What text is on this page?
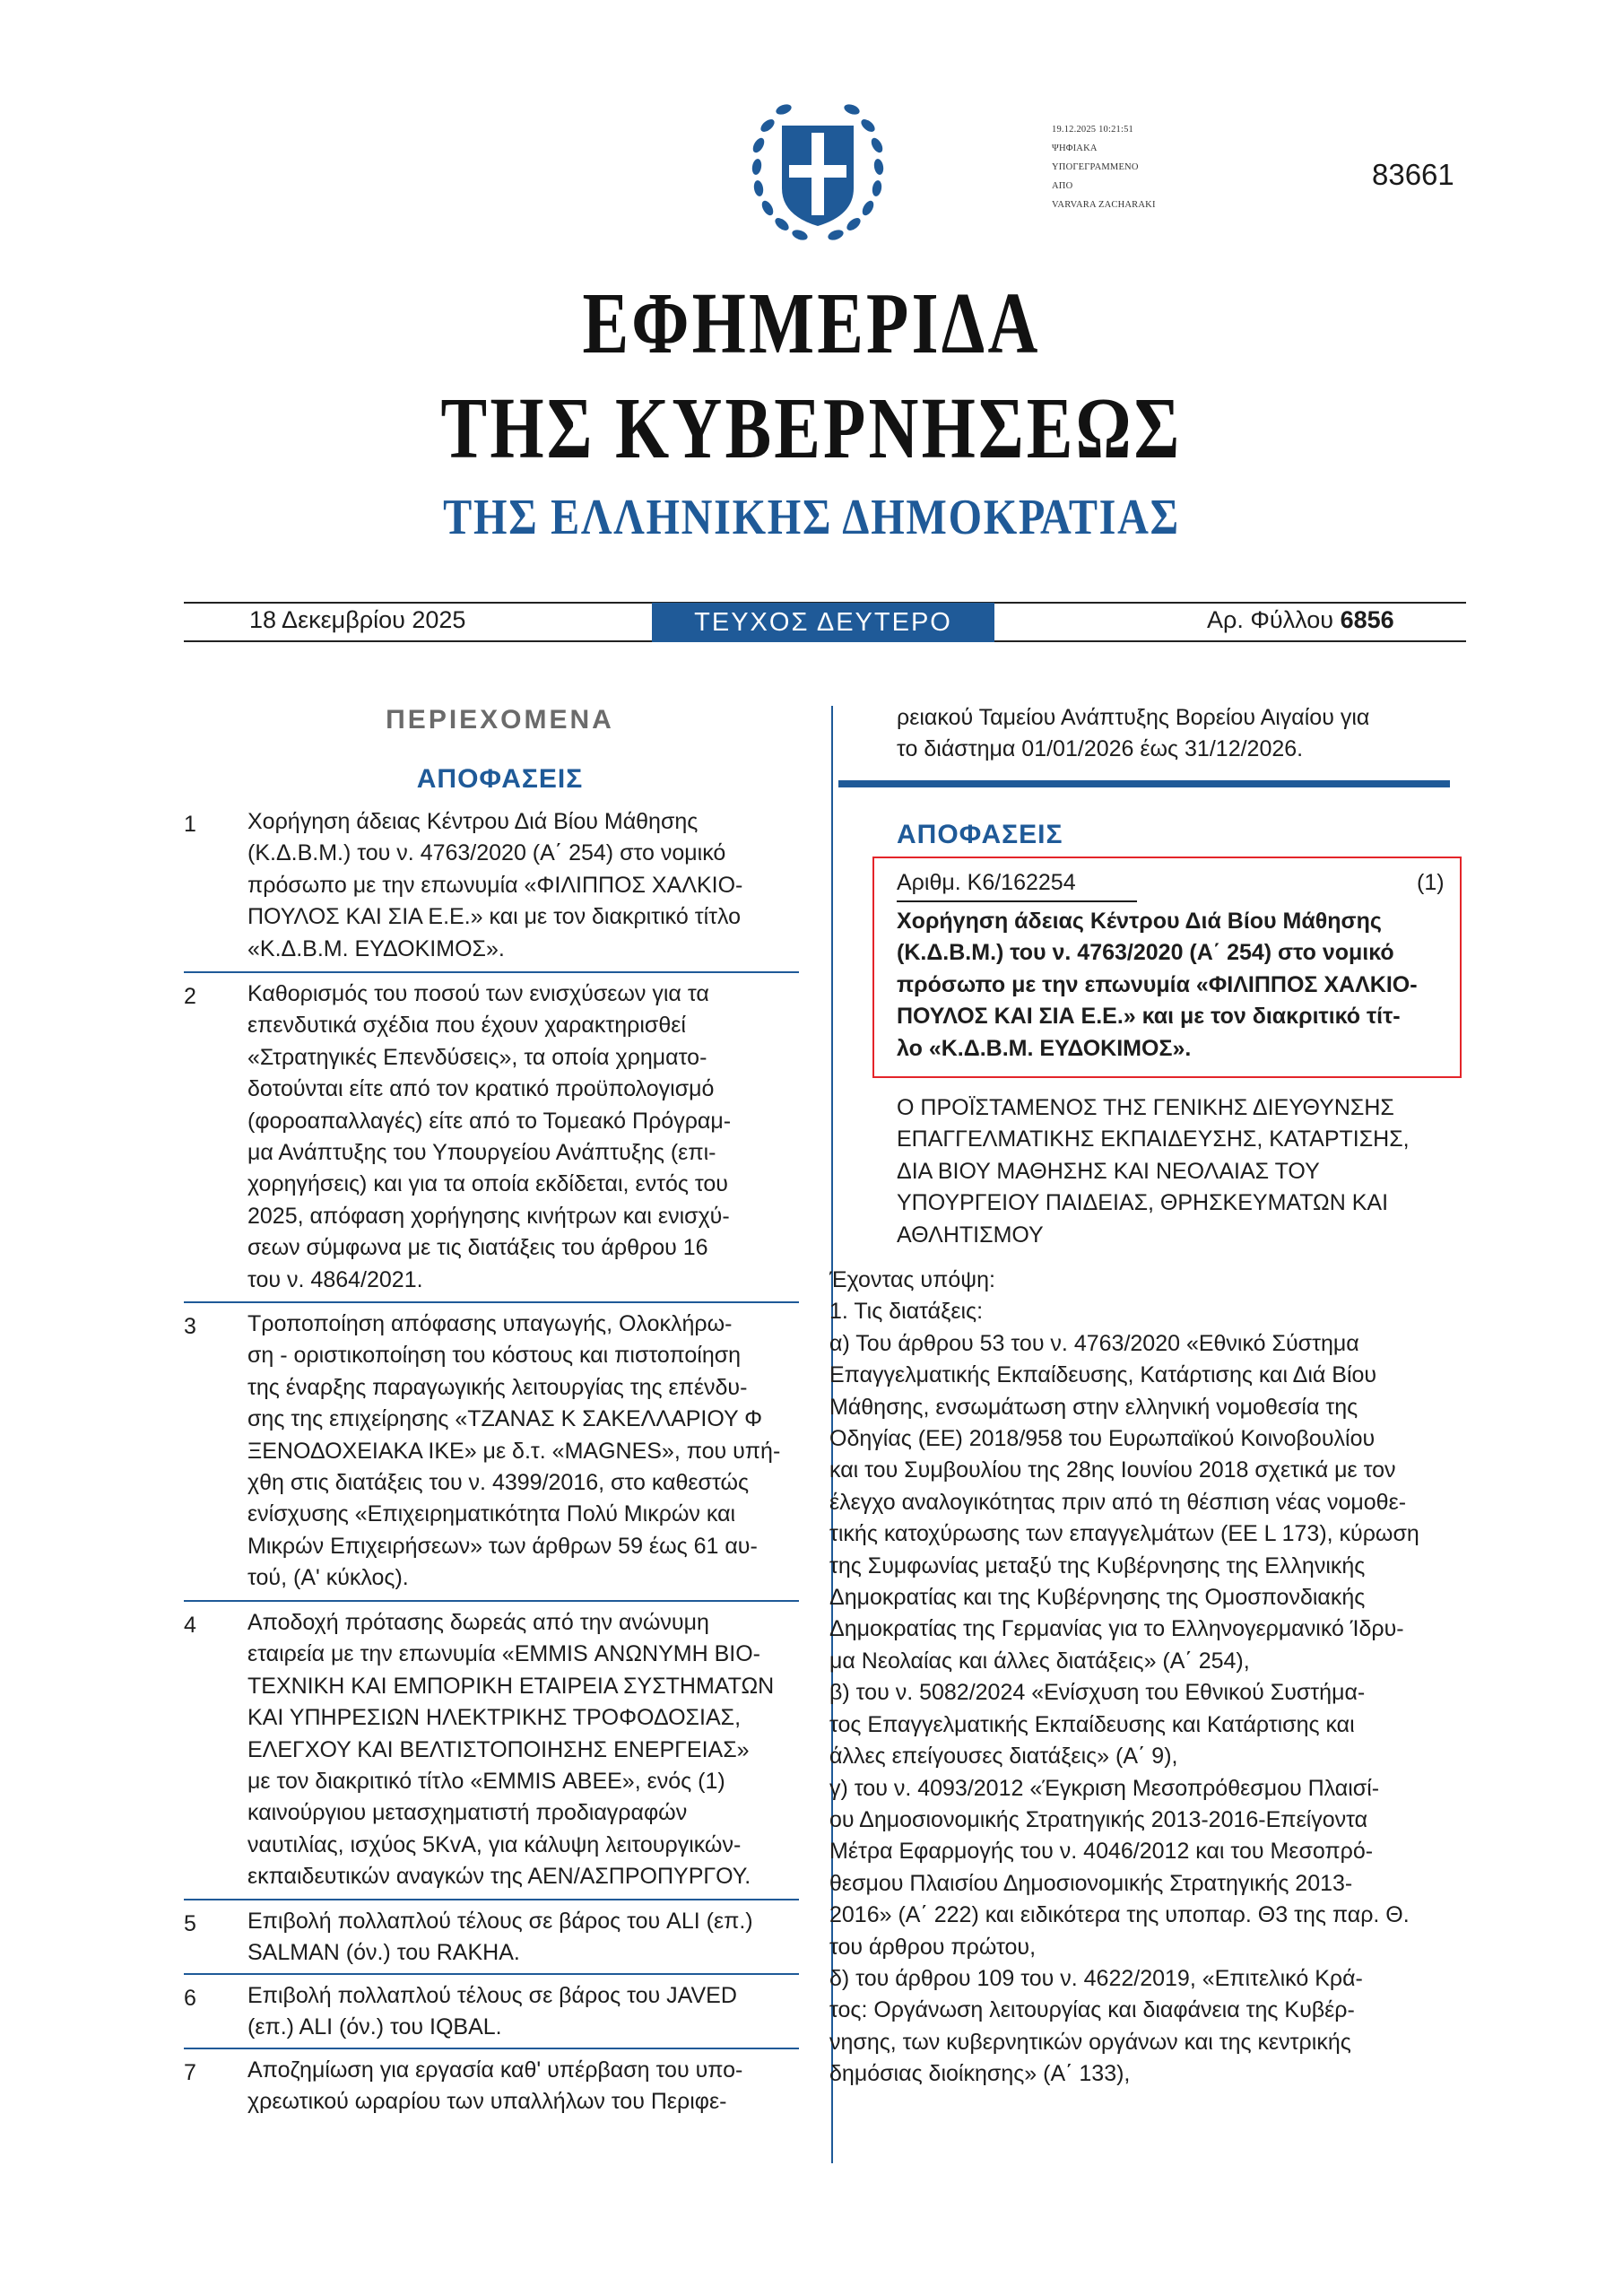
19.12.2025 10:21:51
ΨΗΦΙΑΚΑ
ΥΠΟΓΕΓΡΑΜΜΕΝΟ
ΑΠΟ
VARVARA ZACHARAKI
83661
ΕΦΗΜΕΡΙΔΑ
ΤΗΣ ΚΥΒΕΡΝΗΣΕΩΣ
ΤΗΣ ΕΛΛΗΝΙΚΗΣ ΔΗΜΟΚΡΑΤΙΑΣ
18 Δεκεμβρίου 2025	ΤΕΥΧΟΣ ΔΕΥΤΕΡΟ	Αρ. Φύλλου 6856
ΠΕΡΙΕΧΟΜΕΝΑ
ΑΠΟΦΑΣΕΙΣ
1 Χορήγηση άδειας Κέντρου Διά Βίου Μάθησης
(Κ.Δ.Β.Μ.) του ν. 4763/2020 (Α΄ 254) στο νομικό
πρόσωπο με την επωνυμία «ΦΙΛΙΠΠΟΣ ΧΑΛΚΙΟ-
ΠΟΥΛΟΣ ΚΑΙ ΣΙΑ Ε.Ε.» και με τον διακριτικό τίτλο
«Κ.Δ.Β.Μ. ΕΥΔΟΚΙΜΟΣ».
2 Καθορισμός του ποσού των ενισχύσεων για τα
επενδυτικά σχέδια που έχουν χαρακτηρισθεί
«Στρατηγικές Επενδύσεις», τα οποία χρηματο-
δοτούνται είτε από τον κρατικό προϋπολογισμό
(φοροαπαλλαγές) είτε από το Τομεακό Πρόγραμ-
μα Ανάπτυξης του Υπουργείου Ανάπτυξης (επι-
χορηγήσεις) και για τα οποία εκδίδεται, εντός του
2025, απόφαση χορήγησης κινήτρων και ενισχύ-
σεων σύμφωνα με τις διατάξεις του άρθρου 16
του ν. 4864/2021.
3 Τροποποίηση απόφασης υπαγωγής, Ολοκλήρω-
ση - οριστικοποίηση του κόστους και πιστοποίηση
της έναρξης παραγωγικής λειτουργίας της επένδυ-
σης της επιχείρησης «ΤΖΑΝΑΣ Κ ΣΑΚΕΛΛΑΡΙΟΥ Φ
ΞΕΝΟΔΟΧΕΙΑΚΑ ΙΚΕ» με δ.τ. «MAGNES», που υπή-
χθη στις διατάξεις του ν. 4399/2016, στο καθεστώς
ενίσχυσης «Επιχειρηματικότητα Πολύ Μικρών και
Μικρών Επιχειρήσεων» των άρθρων 59 έως 61 αυ-
τού, (Α' κύκλος).
4 Αποδοχή πρότασης δωρεάς από την ανώνυμη
εταιρεία με την επωνυμία «EMMIS ΑΝΩΝΥΜΗ ΒΙΟ-
ΤΕΧΝΙΚΗ ΚΑΙ ΕΜΠΟΡΙΚΗ ΕΤΑΙΡΕΙΑ ΣΥΣΤΗΜΑΤΩΝ
ΚΑΙ ΥΠΗΡΕΣΙΩΝ ΗΛΕΚΤΡΙΚΗΣ ΤΡΟΦΟΔΟΣΙΑΣ,
ΕΛΕΓΧΟΥ ΚΑΙ ΒΕΛΤΙΣΤΟΠΟΙΗΣΗΣ ΕΝΕΡΓΕΙΑΣ»
με τον διακριτικό τίτλο «EMMIS ΑΒΕΕ», ενός (1)
καινούργιου μετασχηματιστή προδιαγραφών
ναυτιλίας, ισχύος 5KvA, για κάλυψη λειτουργικών-
εκπαιδευτικών αναγκών της ΑΕΝ/ΑΣΠΡΟΠΥΡΓΟΥ.
5 Επιβολή πολλαπλού τέλους σε βάρος του ALI (επ.)
SALMAN (όν.) του RAKHA.
6 Επιβολή πολλαπλού τέλους σε βάρος του JAVED
(επ.) ALI (όν.) του IQBAL.
7 Αποζημίωση για εργασία καθ' υπέρβαση του υπο-
χρεωτικού ωραρίου των υπαλλήλων του Περιφε-
ρειακού Ταμείου Ανάπτυξης Βορείου Αιγαίου για
το διάστημα 01/01/2026 έως 31/12/2026.
ΑΠΟΦΑΣΕΙΣ
Αριθμ. Κ6/162254	(1)
Χορήγηση άδειας Κέντρου Διά Βίου Μάθησης
(Κ.Δ.Β.Μ.) του ν. 4763/2020 (Α΄ 254) στο νομικό
πρόσωπο με την επωνυμία «ΦΙΛΙΠΠΟΣ ΧΑΛΚΙΟ-
ΠΟΥΛΟΣ ΚΑΙ ΣΙΑ Ε.Ε.» και με τον διακριτικό τίτ-
λο «Κ.Δ.Β.Μ. ΕΥΔΟΚΙΜΟΣ».
Ο ΠΡΟΪΣΤΑΜΕΝΟΣ ΤΗΣ ΓΕΝΙΚΗΣ ΔΙΕΥΘΥΝΣΗΣ
ΕΠΑΓΓΕΛΜΑΤΙΚΗΣ ΕΚΠΑΙΔΕΥΣΗΣ, ΚΑΤΑΡΤΙΣΗΣ,
ΔΙΑ ΒΙΟΥ ΜΑΘΗΣΗΣ ΚΑΙ ΝΕΟΛΑΙΑΣ ΤΟΥ
ΥΠΟΥΡΓΕΙΟΥ ΠΑΙΔΕΙΑΣ, ΘΡΗΣΚΕΥΜΑΤΩΝ ΚΑΙ
ΑΘΛΗΤΙΣΜΟΥ
Έχοντας υπόψη:
1. Τις διατάξεις:
α) Του άρθρου 53 του ν. 4763/2020 «Εθνικό Σύστημα
Επαγγελματικής Εκπαίδευσης, Κατάρτισης και Διά Βίου
Μάθησης, ενσωμάτωση στην ελληνική νομοθεσία της
Οδηγίας (ΕΕ) 2018/958 του Ευρωπαϊκού Κοινοβουλίου
και του Συμβουλίου της 28ης Ιουνίου 2018 σχετικά με τον
έλεγχο αναλογικότητας πριν από τη θέσπιση νέας νομοθε-
τικής κατοχύρωσης των επαγγελμάτων (EE L 173), κύρωση
της Συμφωνίας μεταξύ της Κυβέρνησης της Ελληνικής
Δημοκρατίας και της Κυβέρνησης της Ομοσπονδιακής
Δημοκρατίας της Γερμανίας για το Ελληνογερμανικό Ίδρυ-
μα Νεολαίας και άλλες διατάξεις» (Α΄ 254),
β) του ν. 5082/2024 «Ενίσχυση του Εθνικού Συστήμα-
τος Επαγγελματικής Εκπαίδευσης και Κατάρτισης και
άλλες επείγουσες διατάξεις» (Α΄ 9),
γ) του ν. 4093/2012 «Έγκριση Μεσοπρόθεσμου Πλαισί-
ου Δημοσιονομικής Στρατηγικής 2013-2016-Επείγοντα
Μέτρα Εφαρμογής του ν. 4046/2012 και του Μεσοπρό-
θεσμου Πλαισίου Δημοσιονομικής Στρατηγικής 2013-
2016» (Α΄ 222) και ειδικότερα της υποπαρ. Θ3 της παρ. Θ.
του άρθρου πρώτου,
δ) του άρθρου 109 του ν. 4622/2019, «Επιτελικό Κρά-
τος: Οργάνωση λειτουργίας και διαφάνεια της Κυβέρ-
νησης, των κυβερνητικών οργάνων και της κεντρικής
δημόσιας διοίκησης» (Α΄ 133),
